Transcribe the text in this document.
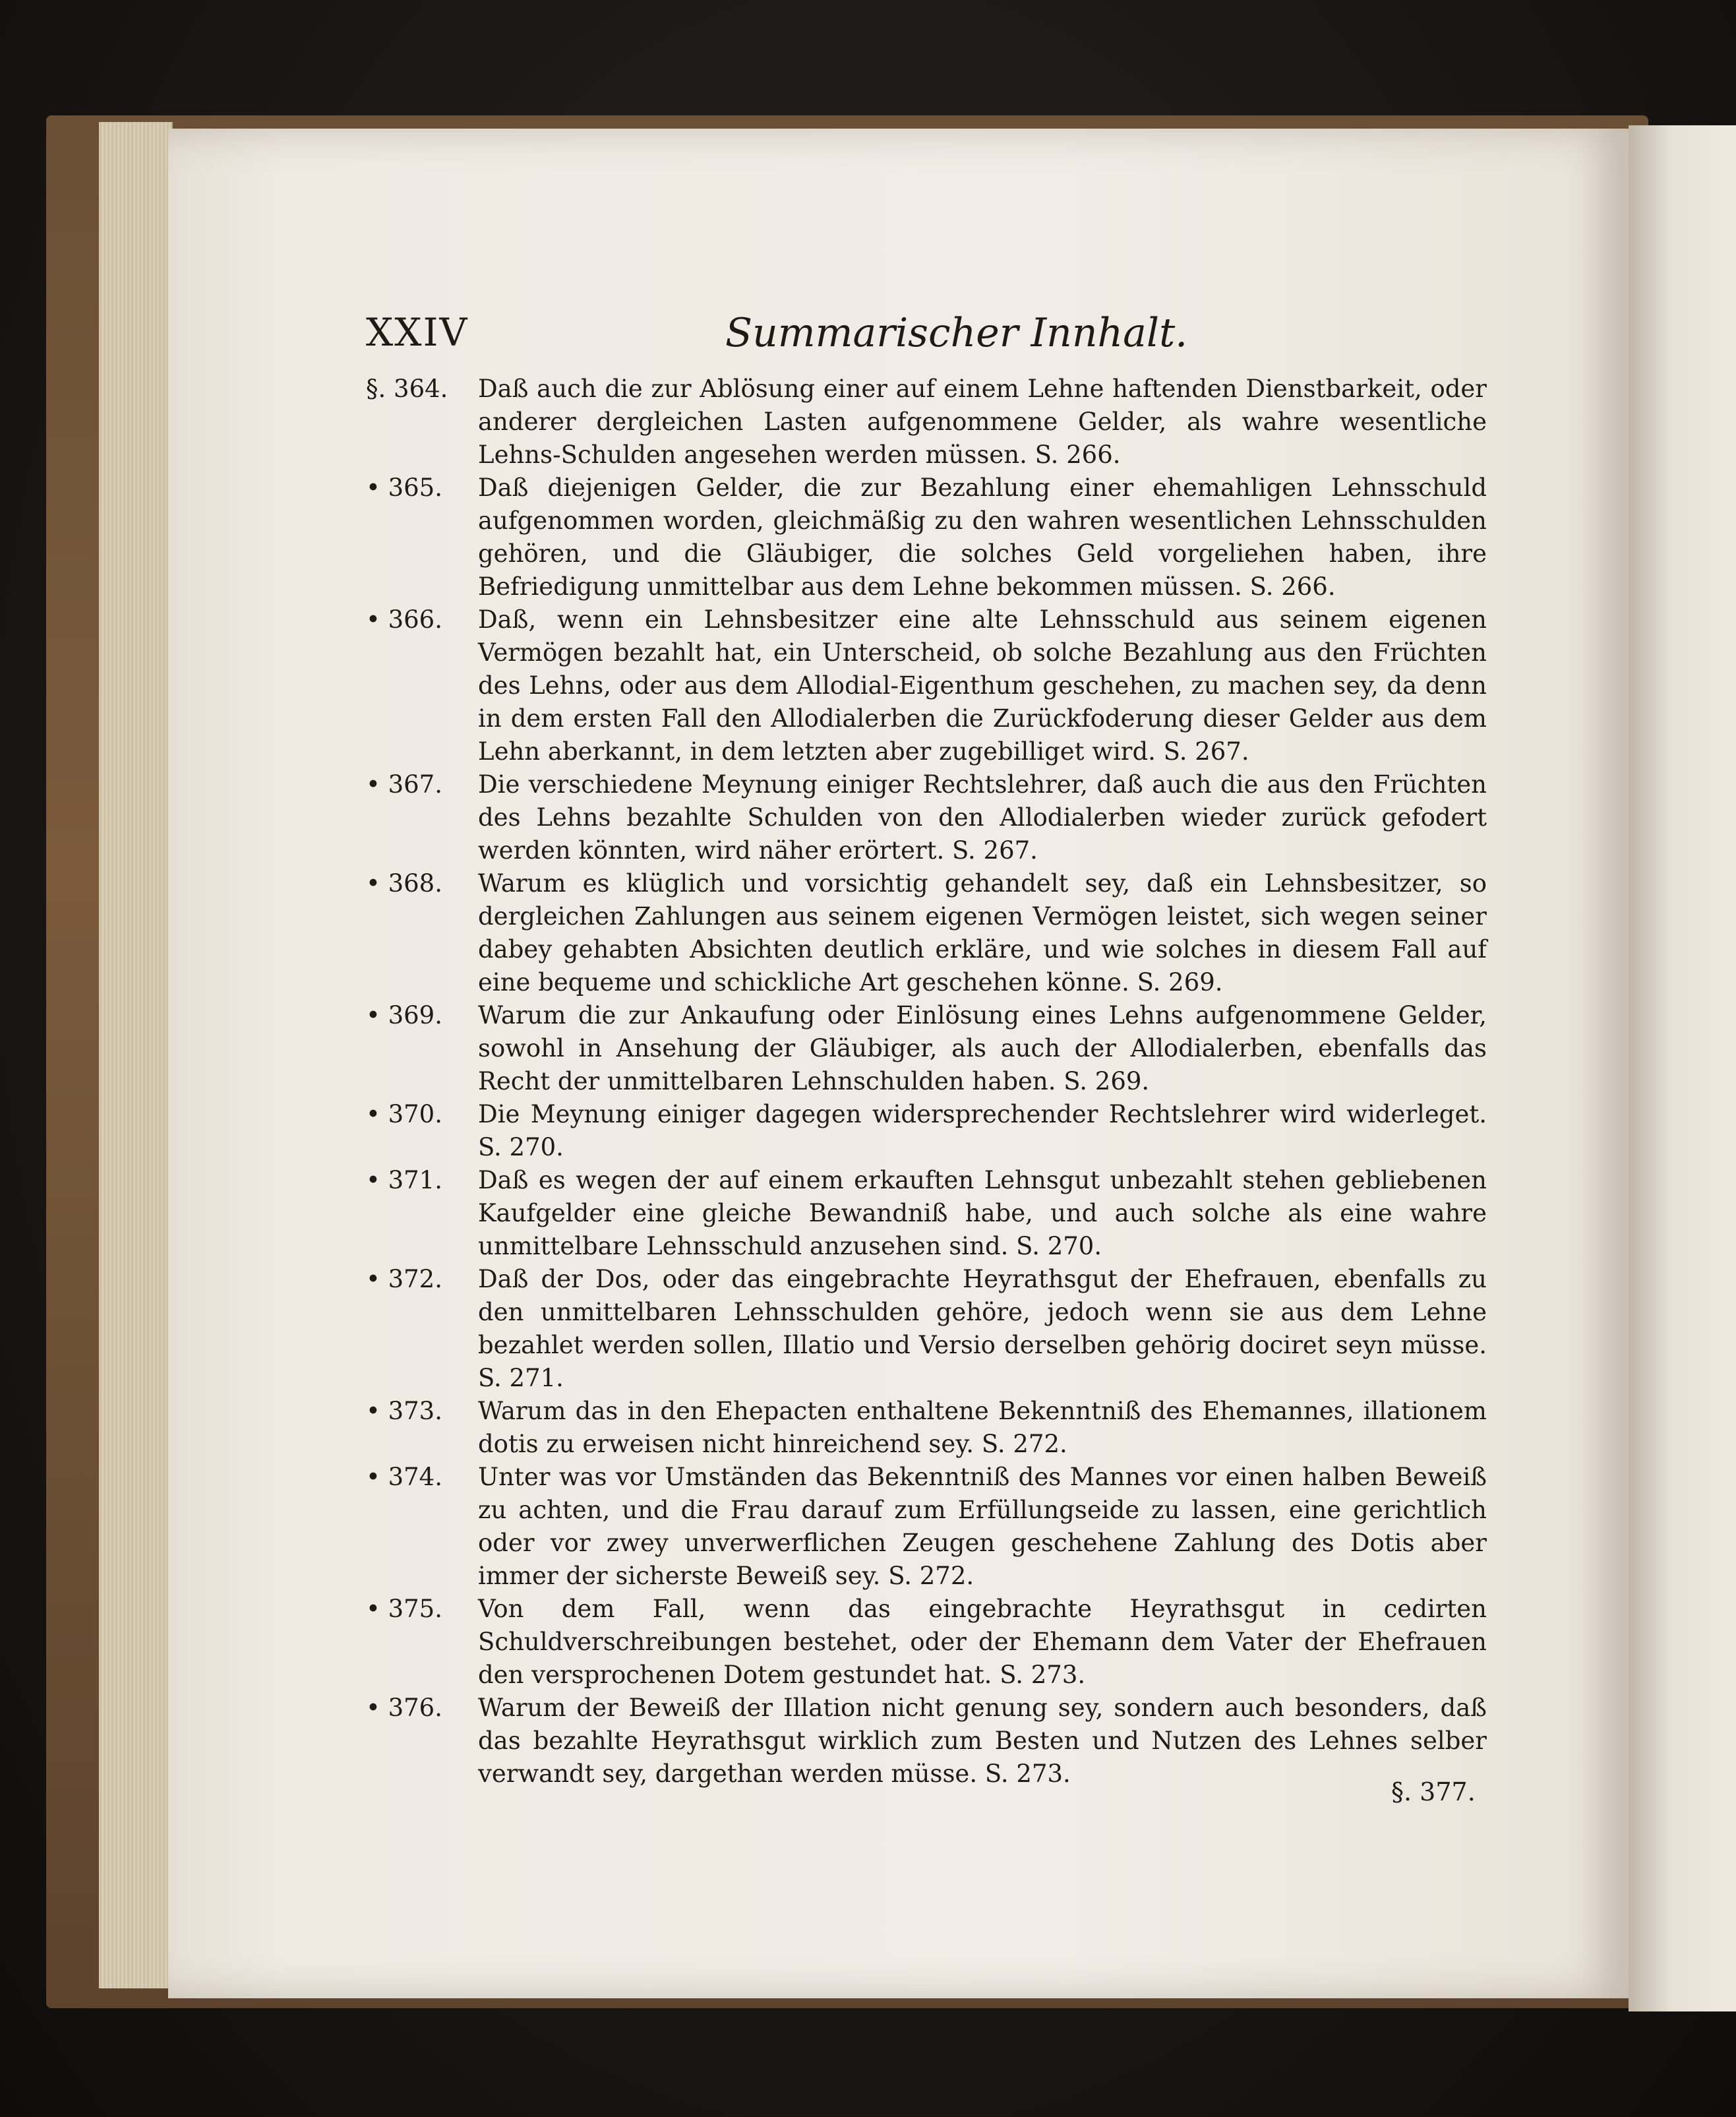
XXIV	Summarischer Innhalt.
§. 364.	Daß auch die zur Ablösung einer auf einem Lehne haftenden Dienstbarkeit, oder anderer dergleichen Lasten aufgenommene Gelder, als wahre wesentliche Lehns-Schulden angesehen werden müssen. S. 266.
• 365.	Daß diejenigen Gelder, die zur Bezahlung einer ehemahligen Lehnsschuld aufgenommen worden, gleichmäßig zu den wahren wesentlichen Lehnsschulden gehören, und die Gläubiger, die solches Geld vorgeliehen haben, ihre Befriedigung unmittelbar aus dem Lehne bekommen müssen. S. 266.
• 366.	Daß, wenn ein Lehnsbesitzer eine alte Lehnsschuld aus seinem eigenen Vermögen bezahlt hat, ein Unterscheid, ob solche Bezahlung aus den Früchten des Lehns, oder aus dem Allodial-Eigenthum geschehen, zu machen sey, da denn in dem ersten Fall den Allodialerben die Zurückfoderung dieser Gelder aus dem Lehn aberkannt, in dem letzten aber zugebilliget wird. S. 267.
• 367.	Die verschiedene Meynung einiger Rechtslehrer, daß auch die aus den Früchten des Lehns bezahlte Schulden von den Allodialerben wieder zurück gefodert werden könnten, wird näher erörtert. S. 267.
• 368.	Warum es klüglich und vorsichtig gehandelt sey, daß ein Lehnsbesitzer, so dergleichen Zahlungen aus seinem eigenen Vermögen leistet, sich wegen seiner dabey gehabten Absichten deutlich erkläre, und wie solches in diesem Fall auf eine bequeme und schickliche Art geschehen könne. S. 269.
• 369.	Warum die zur Ankaufung oder Einlösung eines Lehns aufgenommene Gelder, sowohl in Ansehung der Gläubiger, als auch der Allodialerben, ebenfalls das Recht der unmittelbaren Lehnschulden haben. S. 269.
• 370.	Die Meynung einiger dagegen widersprechender Rechtslehrer wird widerleget. S. 270.
• 371.	Daß es wegen der auf einem erkauften Lehnsgut unbezahlt stehen gebliebenen Kaufgelder eine gleiche Bewandniß habe, und auch solche als eine wahre unmittelbare Lehnsschuld anzusehen sind. S. 270.
• 372.	Daß der Dos, oder das eingebrachte Heyrathsgut der Ehefrauen, ebenfalls zu den unmittelbaren Lehnsschulden gehöre, jedoch wenn sie aus dem Lehne bezahlet werden sollen, Illatio und Versio derselben gehörig dociret seyn müsse. S. 271.
• 373.	Warum das in den Ehepacten enthaltene Bekenntniß des Ehemannes, illationem dotis zu erweisen nicht hinreichend sey. S. 272.
• 374.	Unter was vor Umständen das Bekenntniß des Mannes vor einen halben Beweiß zu achten, und die Frau darauf zum Erfüllungseide zu lassen, eine gerichtlich oder vor zwey unverwerflichen Zeugen geschehene Zahlung des Dotis aber immer der sicherste Beweiß sey. S. 272.
• 375.	Von dem Fall, wenn das eingebrachte Heyrathsgut in cedirten Schuldverschreibungen bestehet, oder der Ehemann dem Vater der Ehefrauen den versprochenen Dotem gestundet hat. S. 273.
• 376.	Warum der Beweiß der Illation nicht genung sey, sondern auch besonders, daß das bezahlte Heyrathsgut wirklich zum Besten und Nutzen des Lehnes selber verwandt sey, dargethan werden müsse. S. 273.
§. 377.
